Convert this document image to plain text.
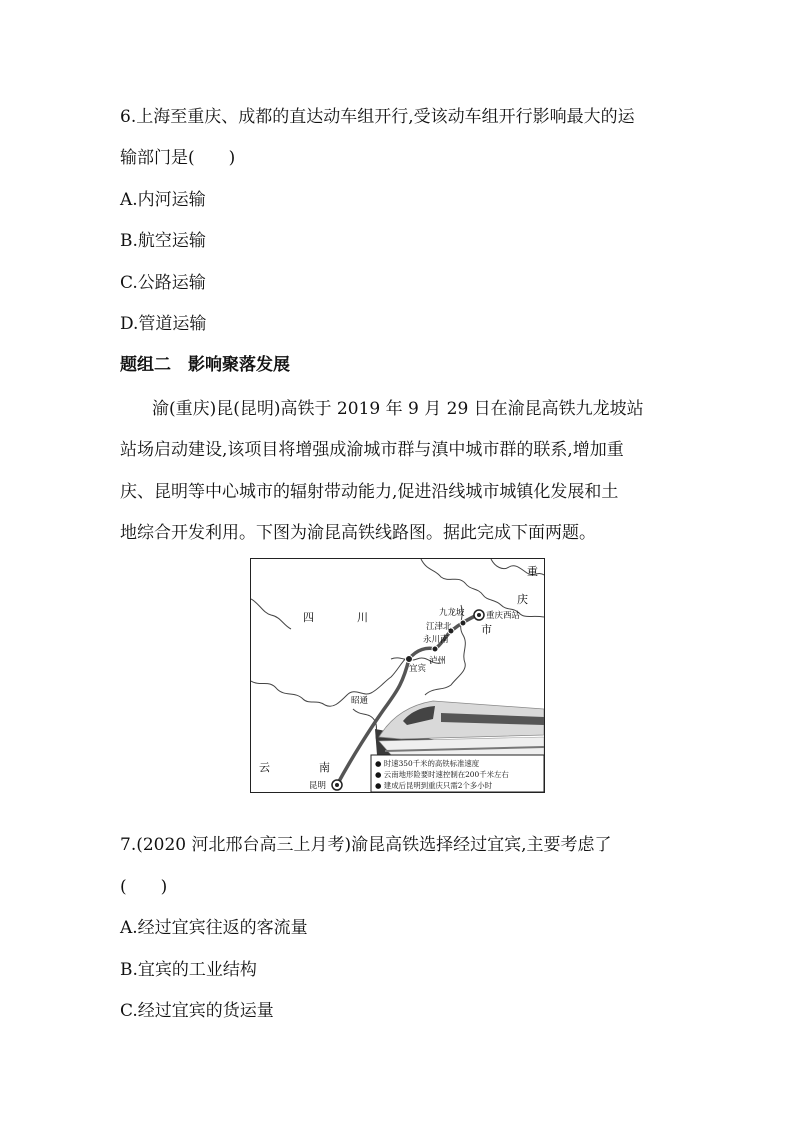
6.上海至重庆、成都的直达动车组开行,受该动车组开行影响最大的运
输部门是(　　)
A.内河运输
B.航空运输
C.公路运输
D.管道运输
题组二　影响聚落发展
渝(重庆)昆(昆明)高铁于 2019 年 9 月 29 日在渝昆高铁九龙坡站
站场启动建设,该项目将增强成渝城市群与滇中城市群的联系,增加重
庆、昆明等中心城市的辐射带动能力,促进沿线城市城镇化发展和土
地综合开发利用。下图为渝昆高铁线路图。据此完成下面两题。
● 时速350千米的高铁标准速度
● 云南地形险要时速控制在200千米左右
● 建成后昆明到重庆只需2个多小时
重
庆
四	川
市
云	南
九龙坡	重庆西站
江津北
永川南
泸州
宜宾
昭通
昆明
7.(2020 河北邢台高三上月考)渝昆高铁选择经过宜宾,主要考虑了
(　　)
A.经过宜宾往返的客流量
B.宜宾的工业结构
C.经过宜宾的货运量
